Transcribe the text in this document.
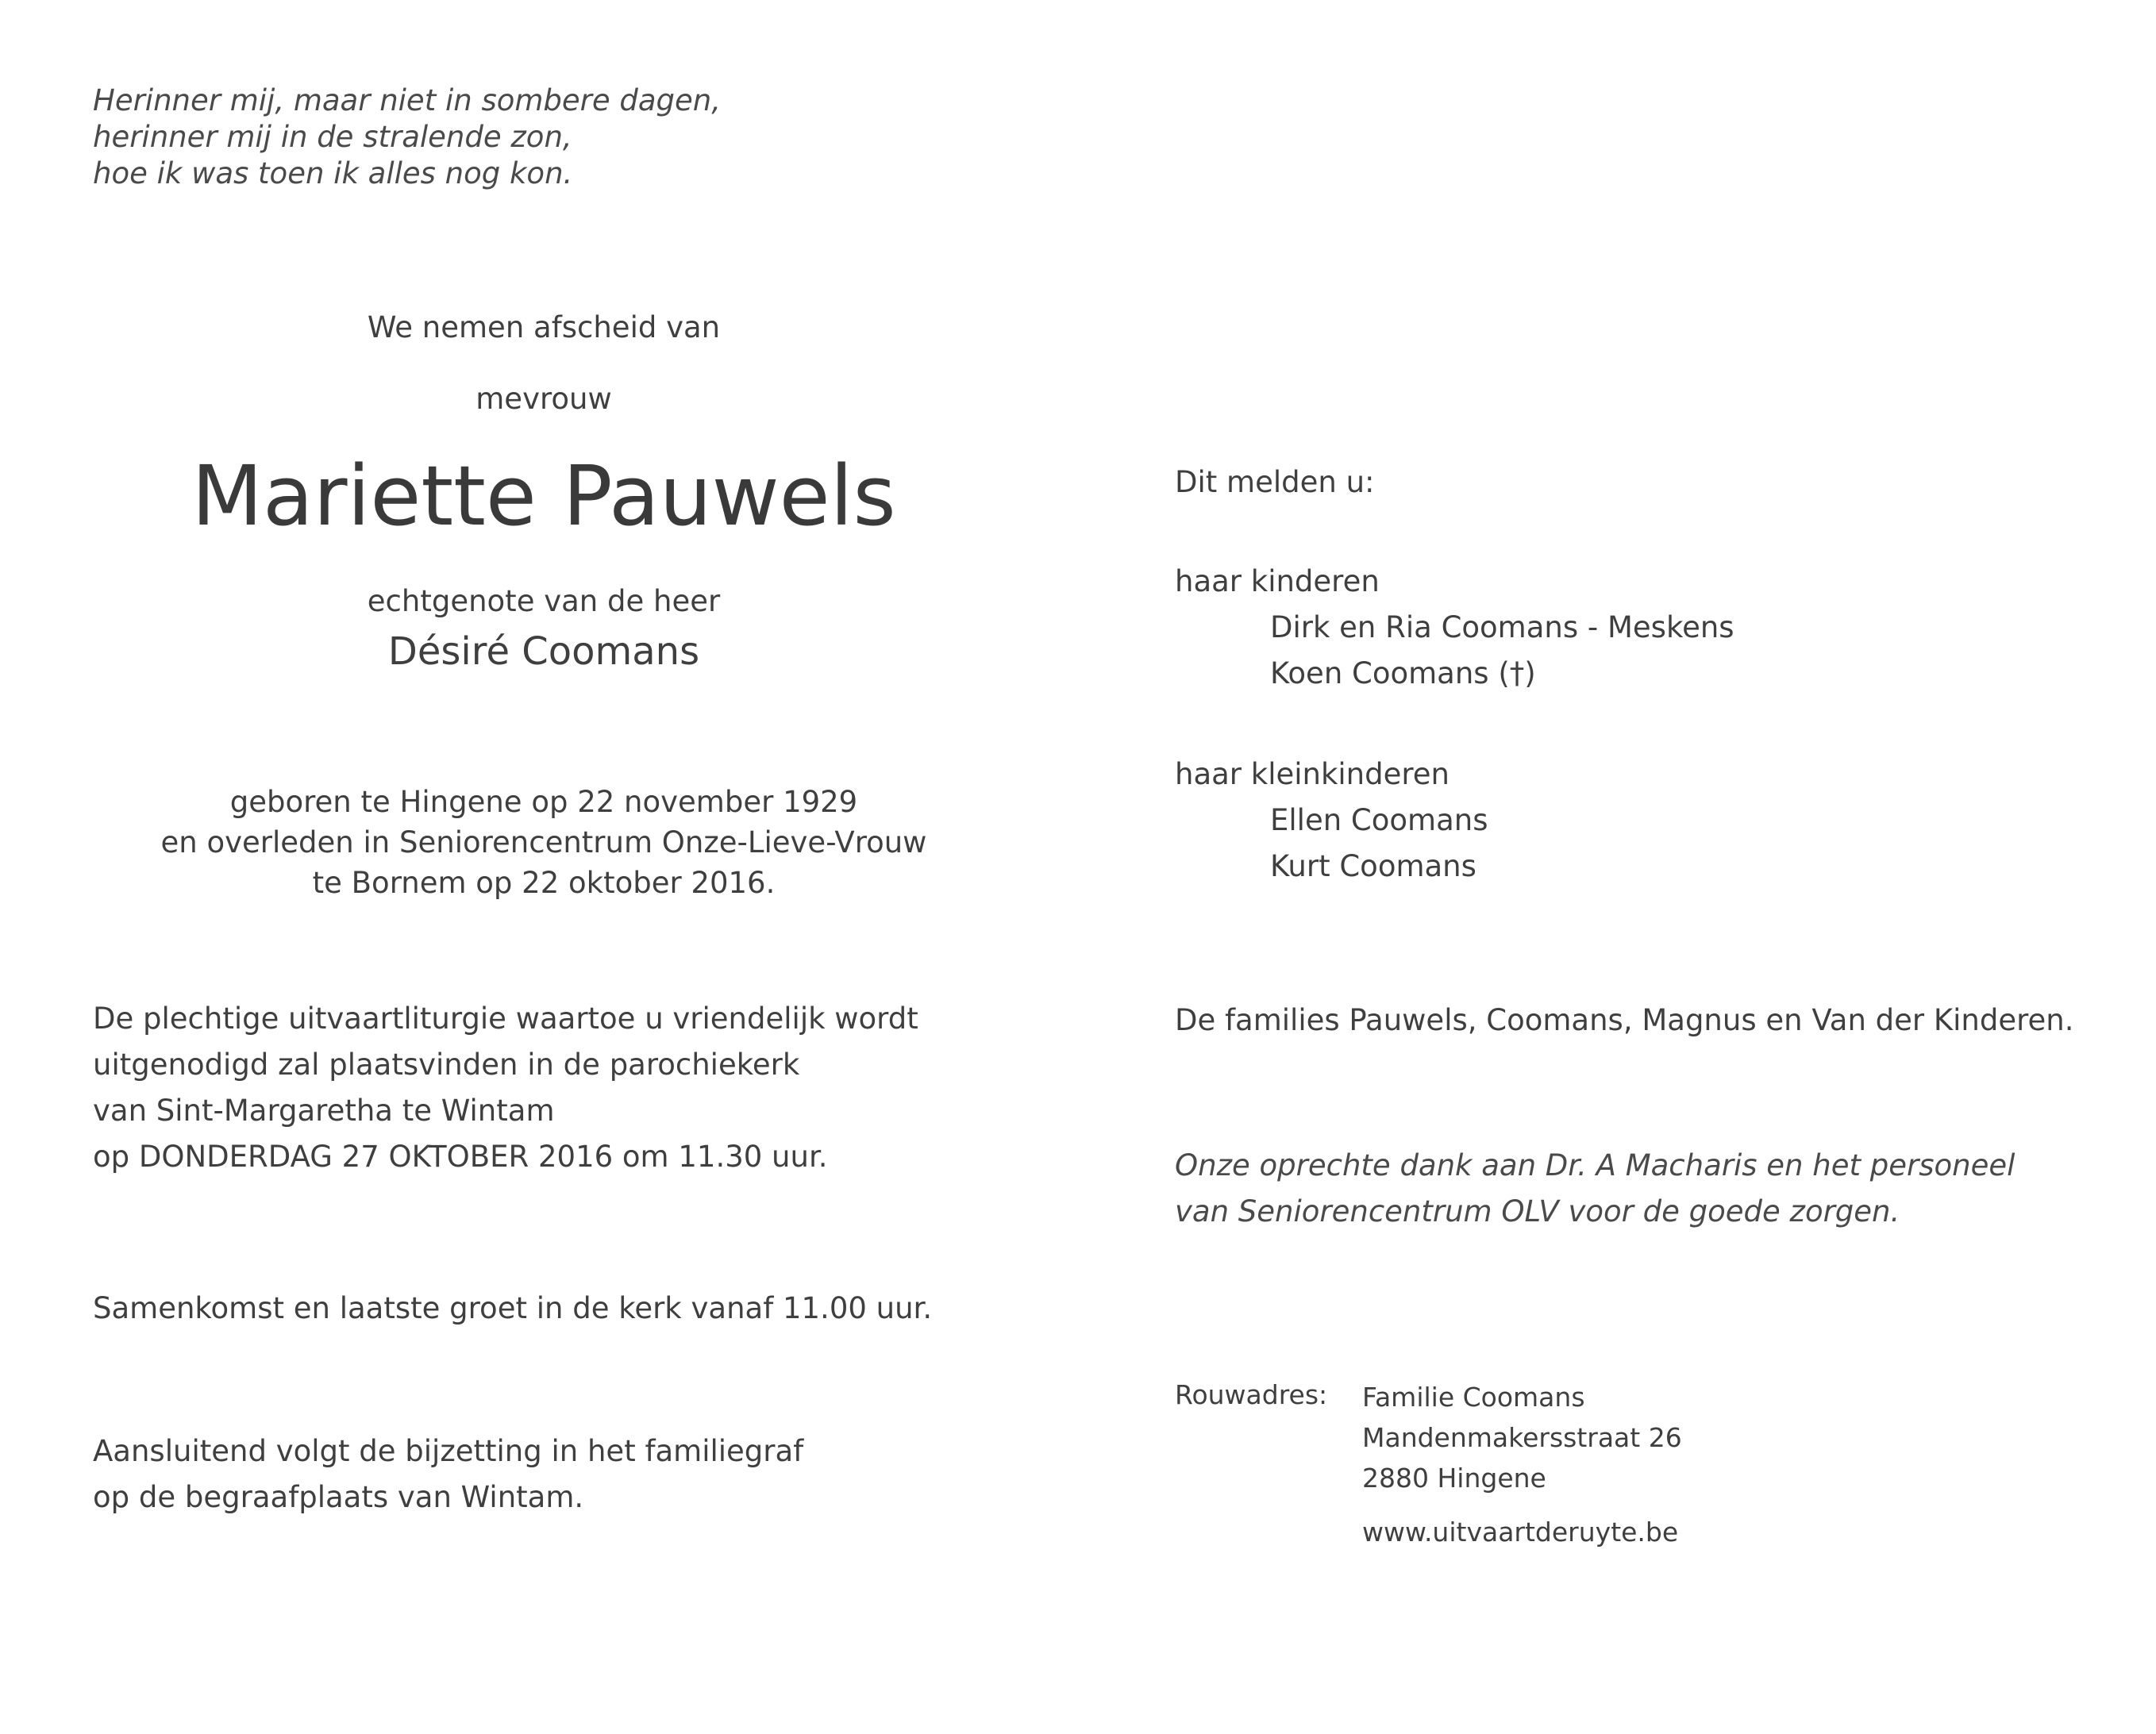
Herinner mij, maar niet in sombere dagen,
herinner mij in de stralende zon,
hoe ik was toen ik alles nog kon.
We nemen afscheid van
mevrouw
Mariette Pauwels
echtgenote van de heer
Désiré Coomans
geboren te Hingene op 22 november 1929
en overleden in Seniorencentrum Onze-Lieve-Vrouw
te Bornem op 22 oktober 2016.
De plechtige uitvaartliturgie waartoe u vriendelijk wordt
uitgenodigd zal plaatsvinden in de parochiekerk
van Sint-Margaretha te Wintam
op DONDERDAG 27 OKTOBER 2016 om 11.30 uur.
Samenkomst en laatste groet in de kerk vanaf 11.00 uur.
Aansluitend volgt de bijzetting in het familiegraf
op de begraafplaats van Wintam.
Dit melden u:
haar kinderen
Dirk en Ria Coomans - Meskens
Koen Coomans (†)
haar kleinkinderen
Ellen Coomans
Kurt Coomans
De families Pauwels, Coomans, Magnus en Van der Kinderen.
Onze oprechte dank aan Dr. A Macharis en het personeel
van Seniorencentrum OLV voor de goede zorgen.
Rouwadres: Familie Coomans
Mandenmakersstraat 26
2880 Hingene
www.uitvaartderuyte.be
